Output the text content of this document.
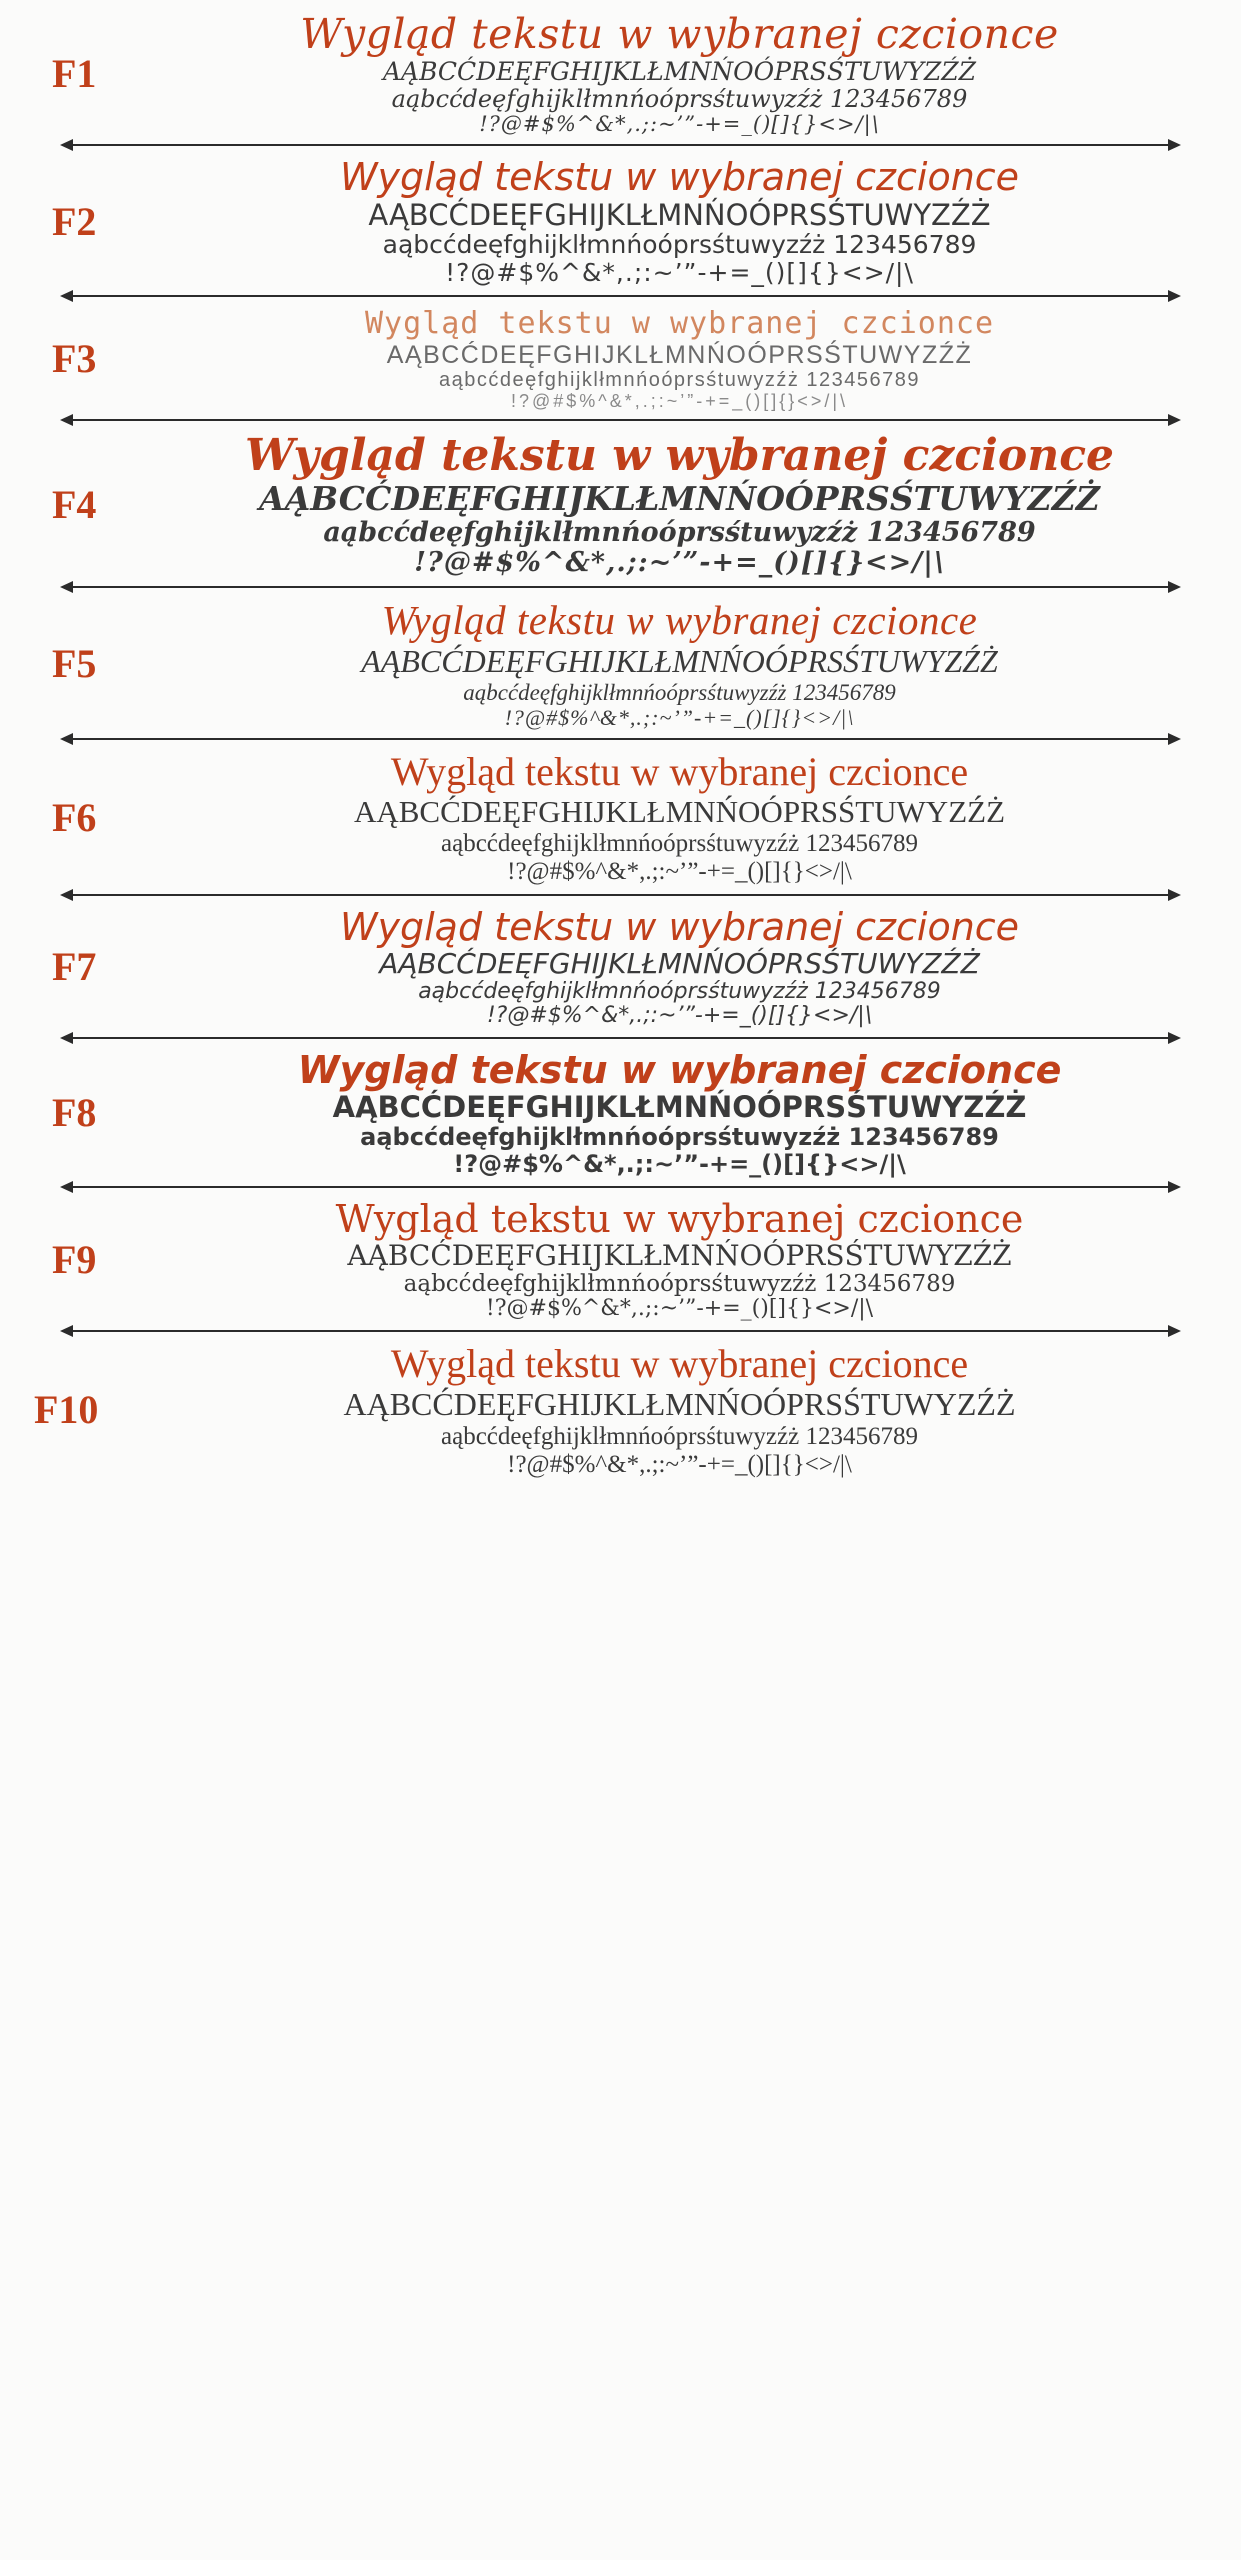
F1
Wygląd tekstu w wybranej czcionce
AĄBCĆDEĘFGHIJKLŁMNŃOÓPRSŚTUWYZŹŻ
aąbcćdeęfghijklłmnńoóprsśtuwyzźż 123456789
!?@#$%^&*,.;:~’”-+=_()[]{}<>/|\
F2
Wygląd tekstu w wybranej czcionce
AĄBCĆDEĘFGHIJKLŁMNŃOÓPRSŚTUWYZŹŻ
aąbcćdeęfghijklłmnńoóprsśtuwyzźż 123456789
!?@#$%^&*,.;:~’”-+=_()[]{}<>/|\
F3
Wygląd tekstu w wybranej czcionce
AĄBCĆDEĘFGHIJKLŁMNŃOÓPRSŚTUWYZŹŻ
aąbcćdeęfghijklłmnńoóprsśtuwyzźż 123456789
!?@#$%^&*,.;:~’”-+=_()[]{}<>/|\
F4
Wygląd tekstu w wybranej czcionce
AĄBCĆDEĘFGHIJKLŁMNŃOÓPRSŚTUWYZŹŻ
aąbcćdeęfghijklłmnńoóprsśtuwyzźż 123456789
!?@#$%^&*,.;:~’”-+=_()[]{}<>/|\
F5
Wygląd tekstu w wybranej czcionce
AĄBCĆDEĘFGHIJKLŁMNŃOÓPRSŚTUWYZŹŻ
aąbcćdeęfghijklłmnńoóprsśtuwyzźż 123456789
!?@#$%^&*,.;:~’”-+=_()[]{}<>/|\
F6
Wygląd tekstu w wybranej czcionce
AĄBCĆDEĘFGHIJKLŁMNŃOÓPRSŚTUWYZŹŻ
aąbcćdeęfghijklłmnńoóprsśtuwyzźż 123456789
!?@#$%^&*,.;:~’”-+=_()[]{}<>/|\
F7
Wygląd tekstu w wybranej czcionce
AĄBCĆDEĘFGHIJKLŁMNŃOÓPRSŚTUWYZŹŻ
aąbcćdeęfghijklłmnńoóprsśtuwyzźż 123456789
!?@#$%^&*,.;:~’”-+=_()[]{}<>/|\
F8
Wygląd tekstu w wybranej czcionce
AĄBCĆDEĘFGHIJKLŁMNŃOÓPRSŚTUWYZŹŻ
aąbcćdeęfghijklłmnńoóprsśtuwyzźż 123456789
!?@#$%^&*,.;:~’”-+=_()[]{}<>/|\
F9
Wygląd tekstu w wybranej czcionce
AĄBCĆDEĘFGHIJKLŁMNŃOÓPRSŚTUWYZŹŻ
aąbcćdeęfghijklłmnńoóprsśtuwyzźż 123456789
!?@#$%^&*,.;:~’”-+=_()[]{}<>/|\
F10
Wygląd tekstu w wybranej czcionce
AĄBCĆDEĘFGHIJKLŁMNŃOÓPRSŚTUWYZŹŻ
aąbcćdeęfghijklłmnńoóprsśtuwyzźż 123456789
!?@#$%^&*,.;:~’”-+=_()[]{}<>/|\
